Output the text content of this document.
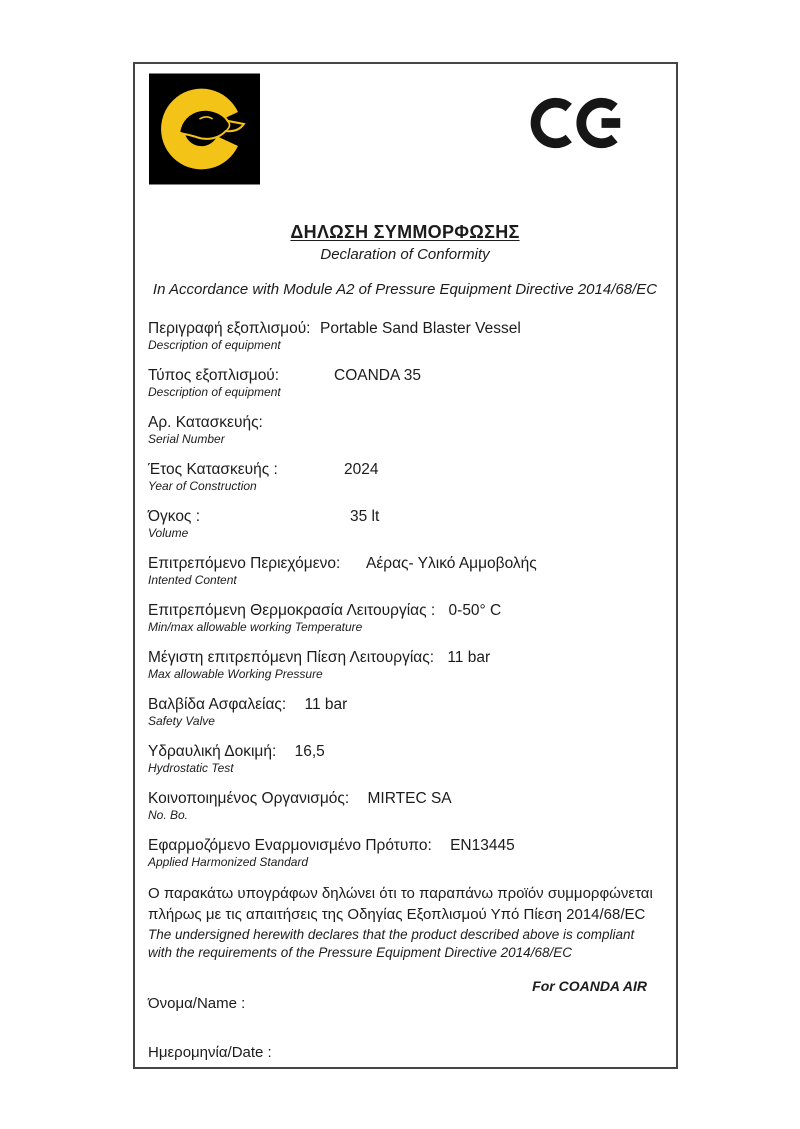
ΔΗΛΩΣΗ ΣΥΜΜΟΡΦΩΣΗΣ
Declaration of Conformity
In Accordance with Module A2 of Pressure Equipment Directive 2014/68/EC
Περιγραφή εξοπλισμού: Portable Sand Blaster Vessel
Description of equipment
Τύπος εξοπλισμού:	COANDA 35
Description of equipment
Αρ. Κατασκευής:
Serial Number
Έτος Κατασκευής :	2024
Year of Construction
Όγκος :	35 lt
Volume
Επιτρεπόμενο Περιεχόμενο: Αέρας- Υλικό Αμμοβολής
Intented Content
Επιτρεπόμενη Θερμοκρασία Λειτουργίας : 0-50° C
Min/max allowable working Temperature
Μέγιστη επιτρεπόμενη Πίεση Λειτουργίας: 11 bar
Max allowable Working Pressure
Βαλβίδα Ασφαλείας: 11 bar
Safety Valve
Υδραυλική Δοκιμή: 16,5
Hydrostatic Test
Κοινοποιημένος Οργανισμός: MIRTEC SA
No. Bo.
Εφαρμοζόμενο Εναρμονισμένο Πρότυπο: EN13445
Applied Harmonized Standard
Ο παρακάτω υπογράφων δηλώνει ότι το παραπάνω προϊόν συμμορφώνεται πλήρως με τις απαιτήσεις της Οδηγίας Εξοπλισμού Υπό Πίεση 2014/68/EC
The undersigned herewith declares that the product described above is compliant with the requirements of the Pressure Equipment Directive 2014/68/EC
For COANDA AIR
Όνομα/Name :
Ημερομηνία/Date :
